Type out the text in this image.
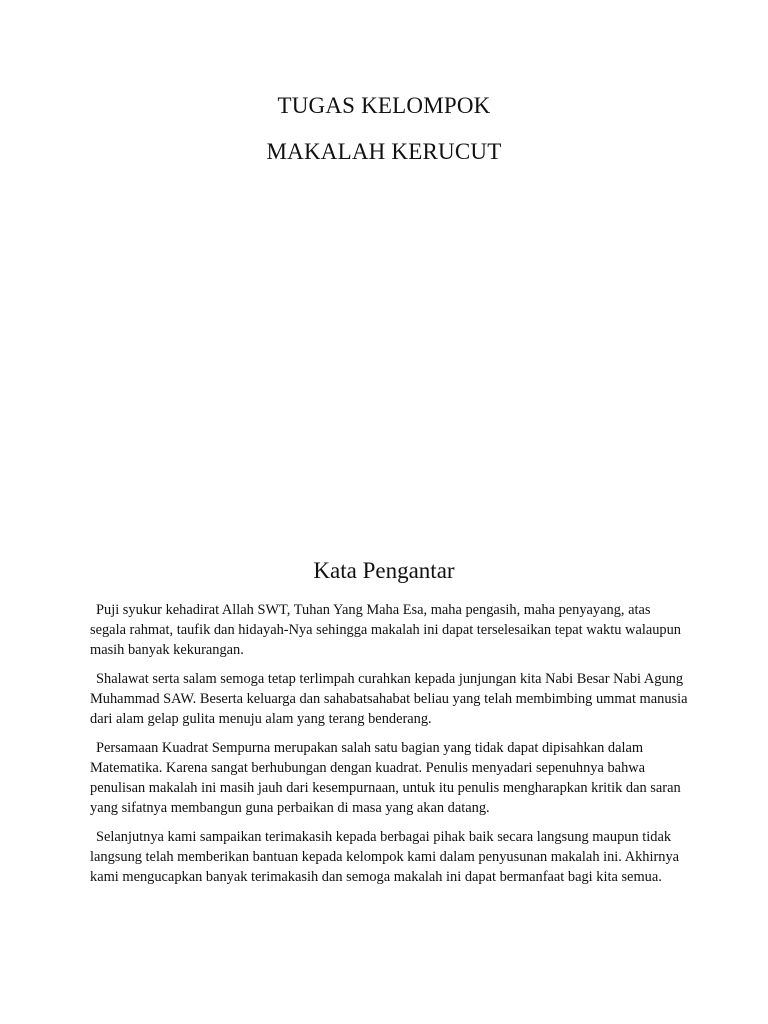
TUGAS KELOMPOK
MAKALAH KERUCUT
Kata Pengantar

Puji syukur kehadirat Allah SWT, Tuhan Yang Maha Esa, maha pengasih, maha penyayang, atas segala rahmat, taufik dan hidayah-Nya sehingga makalah ini dapat terselesaikan tepat waktu walaupun masih banyak kekurangan.

Shalawat serta salam semoga tetap terlimpah curahkan kepada junjungan kita Nabi Besar Nabi Agung Muhammad SAW. Beserta keluarga dan sahabatsahabat beliau yang telah membimbing ummat manusia dari alam gelap gulita menuju alam yang terang benderang.

Persamaan Kuadrat Sempurna merupakan salah satu bagian yang tidak dapat dipisahkan dalam Matematika. Karena sangat berhubungan dengan kuadrat. Penulis menyadari sepenuhnya bahwa penulisan makalah ini masih jauh dari kesempurnaan, untuk itu penulis mengharapkan kritik dan saran yang sifatnya membangun guna perbaikan di masa yang akan datang.

Selanjutnya kami sampaikan terimakasih kepada berbagai pihak baik secara langsung maupun tidak langsung telah memberikan bantuan kepada kelompok kami dalam penyusunan makalah ini. Akhirnya kami mengucapkan banyak terimakasih dan semoga makalah ini dapat bermanfaat bagi kita semua.
